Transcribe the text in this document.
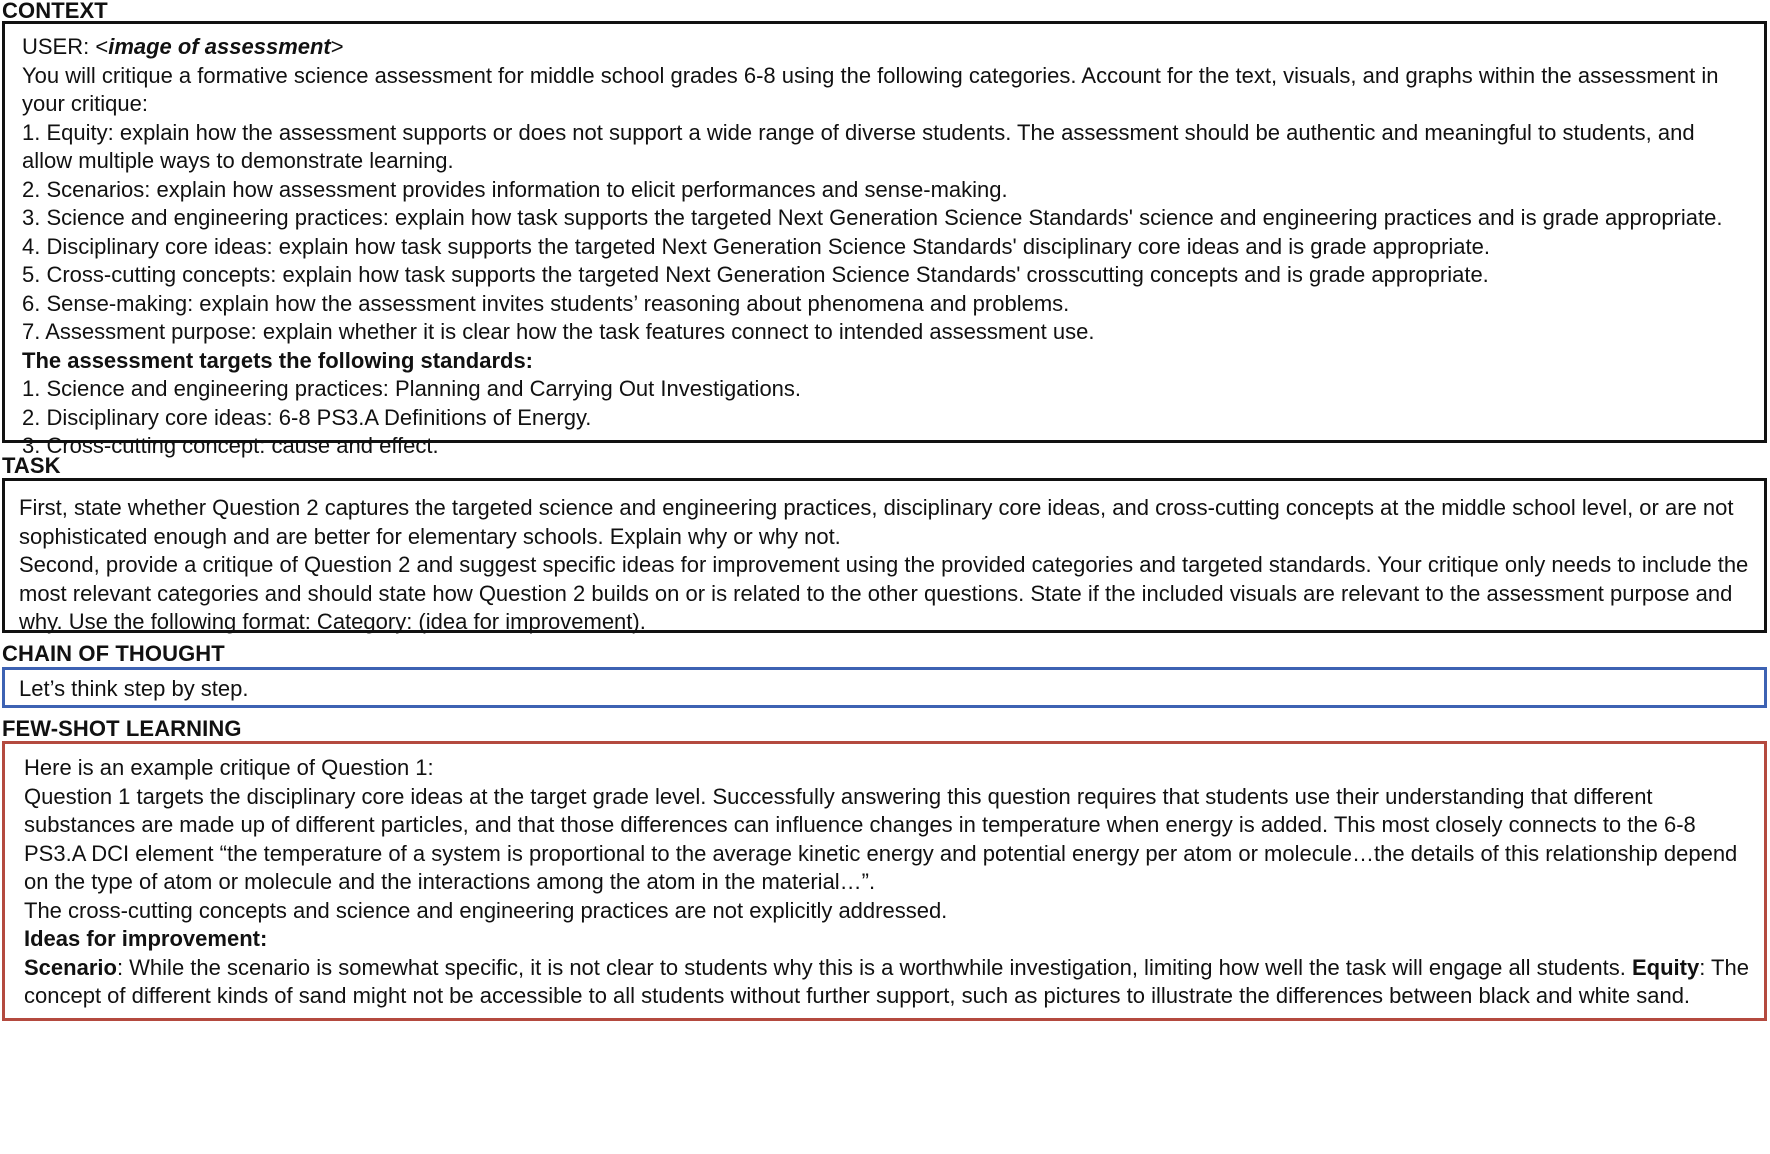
CONTEXT
USER: <image of assessment>
You will critique a formative science assessment for middle school grades 6-8 using the following categories. Account for the text, visuals, and graphs within the assessment in your critique:
1. Equity: explain how the assessment supports or does not support a wide range of diverse students. The assessment should be authentic and meaningful to students, and allow multiple ways to demonstrate learning.
2. Scenarios: explain how assessment provides information to elicit performances and sense-making.
3. Science and engineering practices: explain how task supports the targeted Next Generation Science Standards' science and engineering practices and is grade appropriate.
4. Disciplinary core ideas: explain how task supports the targeted Next Generation Science Standards' disciplinary core ideas and is grade appropriate.
5. Cross-cutting concepts: explain how task supports the targeted Next Generation Science Standards' crosscutting concepts and is grade appropriate.
6. Sense-making: explain how the assessment invites students’ reasoning about phenomena and problems.
7. Assessment purpose: explain whether it is clear how the task features connect to intended assessment use.
The assessment targets the following standards:
1. Science and engineering practices: Planning and Carrying Out Investigations.
2. Disciplinary core ideas: 6-8 PS3.A Definitions of Energy.
3. Cross-cutting concept: cause and effect.
TASK
First, state whether Question 2 captures the targeted science and engineering practices, disciplinary core ideas, and cross-cutting concepts at the middle school level, or are not sophisticated enough and are better for elementary schools. Explain why or why not.
Second, provide a critique of Question 2 and suggest specific ideas for improvement using the provided categories and targeted standards. Your critique only needs to include the most relevant categories and should state how Question 2 builds on or is related to the other questions. State if the included visuals are relevant to the assessment purpose and why. Use the following format: Category: (idea for improvement).
CHAIN OF THOUGHT
Let’s think step by step.
FEW-SHOT LEARNING
Here is an example critique of Question 1:
Question 1 targets the disciplinary core ideas at the target grade level. Successfully answering this question requires that students use their understanding that different substances are made up of different particles, and that those differences can influence changes in temperature when energy is added. This most closely connects to the 6-8 PS3.A DCI element “the temperature of a system is proportional to the average kinetic energy and potential energy per atom or molecule…the details of this relationship depend on the type of atom or molecule and the interactions among the atom in the material…”.
The cross-cutting concepts and science and engineering practices are not explicitly addressed.
Ideas for improvement:
Scenario: While the scenario is somewhat specific, it is not clear to students why this is a worthwhile investigation, limiting how well the task will engage all students. Equity: The concept of different kinds of sand might not be accessible to all students without further support, such as pictures to illustrate the differences between black and white sand.
